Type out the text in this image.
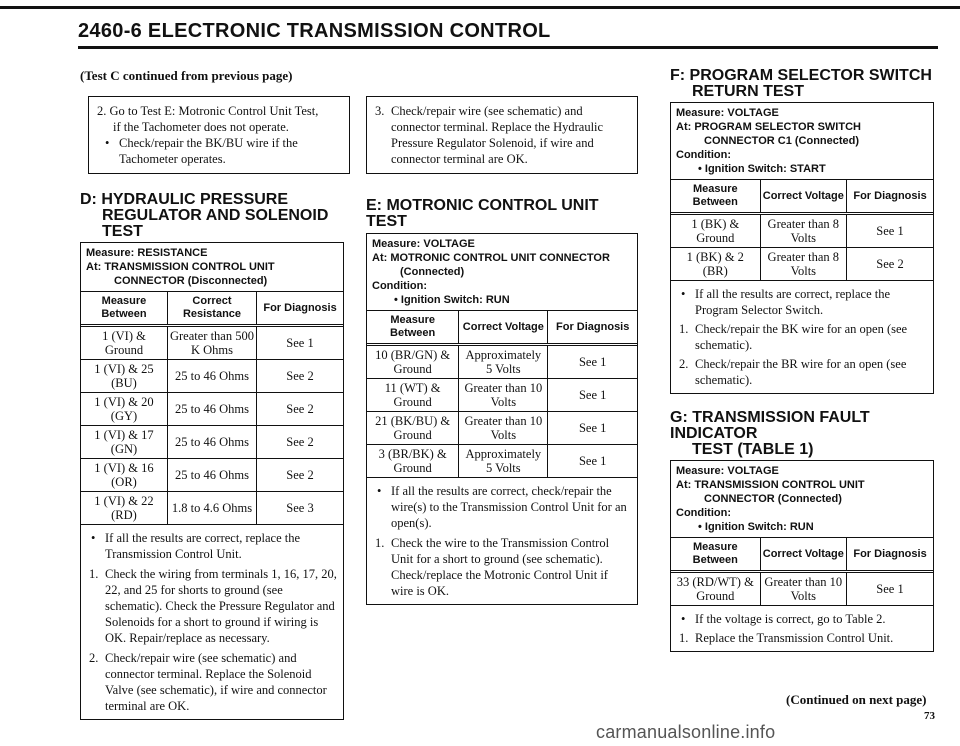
2460-6 ELECTRONIC TRANSMISSION CONTROL
(Test C continued from previous page)
2. Go to Test E: Motronic Control Unit Test,
if the Tachometer does not operate.
• Check/repair the BK/BU wire if the Tachometer operates.
D: HYDRAULIC PRESSURE
REGULATOR AND SOLENOID TEST
Measure: RESISTANCE
At: TRANSMISSION CONTROL UNIT
CONNECTOR (Disconnected)
Measure Between	Correct Resistance	For Diagnosis
1 (VI) & Ground	Greater than 500 K Ohms	See 1
1 (VI) & 25 (BU)	25 to 46 Ohms	See 2
1 (VI) & 20 (GY)	25 to 46 Ohms	See 2
1 (VI) & 17 (GN)	25 to 46 Ohms	See 2
1 (VI) & 16 (OR)	25 to 46 Ohms	See 2
1 (VI) & 22 (RD)	1.8 to 4.6 Ohms	See 3
• If all the results are correct, replace the Transmission Control Unit.
1. Check the wiring from terminals 1, 16, 17, 20, 22, and 25 for shorts to ground (see schematic). Check the Pressure Regulator and Solenoids for a short to ground if wiring is OK. Repair/replace as necessary.
2. Check/repair wire (see schematic) and connector terminal. Replace the Solenoid Valve (see schematic), if wire and connector terminal are OK.
3. Check/repair wire (see schematic) and connector terminal. Replace the Hydraulic Pressure Regulator Solenoid, if wire and connector terminal are OK.
E: MOTRONIC CONTROL UNIT TEST
Measure: VOLTAGE
At: MOTRONIC CONTROL UNIT CONNECTOR
(Connected)
Condition:
• Ignition Switch: RUN
Measure Between	Correct Voltage	For Diagnosis
10 (BR/GN) & Ground	Approximately 5 Volts	See 1
11 (WT) & Ground	Greater than 10 Volts	See 1
21 (BK/BU) & Ground	Greater than 10 Volts	See 1
3 (BR/BK) & Ground	Approximately 5 Volts	See 1
• If all the results are correct, check/repair the wire(s) to the Transmission Control Unit for an open(s).
1. Check the wire to the Transmission Control Unit for a short to ground (see schematic). Check/replace the Motronic Control Unit if wire is OK.
F: PROGRAM SELECTOR SWITCH
RETURN TEST
Measure: VOLTAGE
At: PROGRAM SELECTOR SWITCH
CONNECTOR C1 (Connected)
Condition:
• Ignition Switch: START
Measure Between	Correct Voltage	For Diagnosis
1 (BK) & Ground	Greater than 8 Volts	See 1
1 (BK) & 2 (BR)	Greater than 8 Volts	See 2
• If all the results are correct, replace the Program Selector Switch.
1. Check/repair the BK wire for an open (see schematic).
2. Check/repair the BR wire for an open (see schematic).
G: TRANSMISSION FAULT INDICATOR
TEST (TABLE 1)
Measure: VOLTAGE
At: TRANSMISSION CONTROL UNIT
CONNECTOR (Connected)
Condition:
• Ignition Switch: RUN
Measure Between	Correct Voltage	For Diagnosis
33 (RD/WT) & Ground	Greater than 10 Volts	See 1
• If the voltage is correct, go to Table 2.
1. Replace the Transmission Control Unit.
(Continued on next page)
73
carmanualsonline.info
